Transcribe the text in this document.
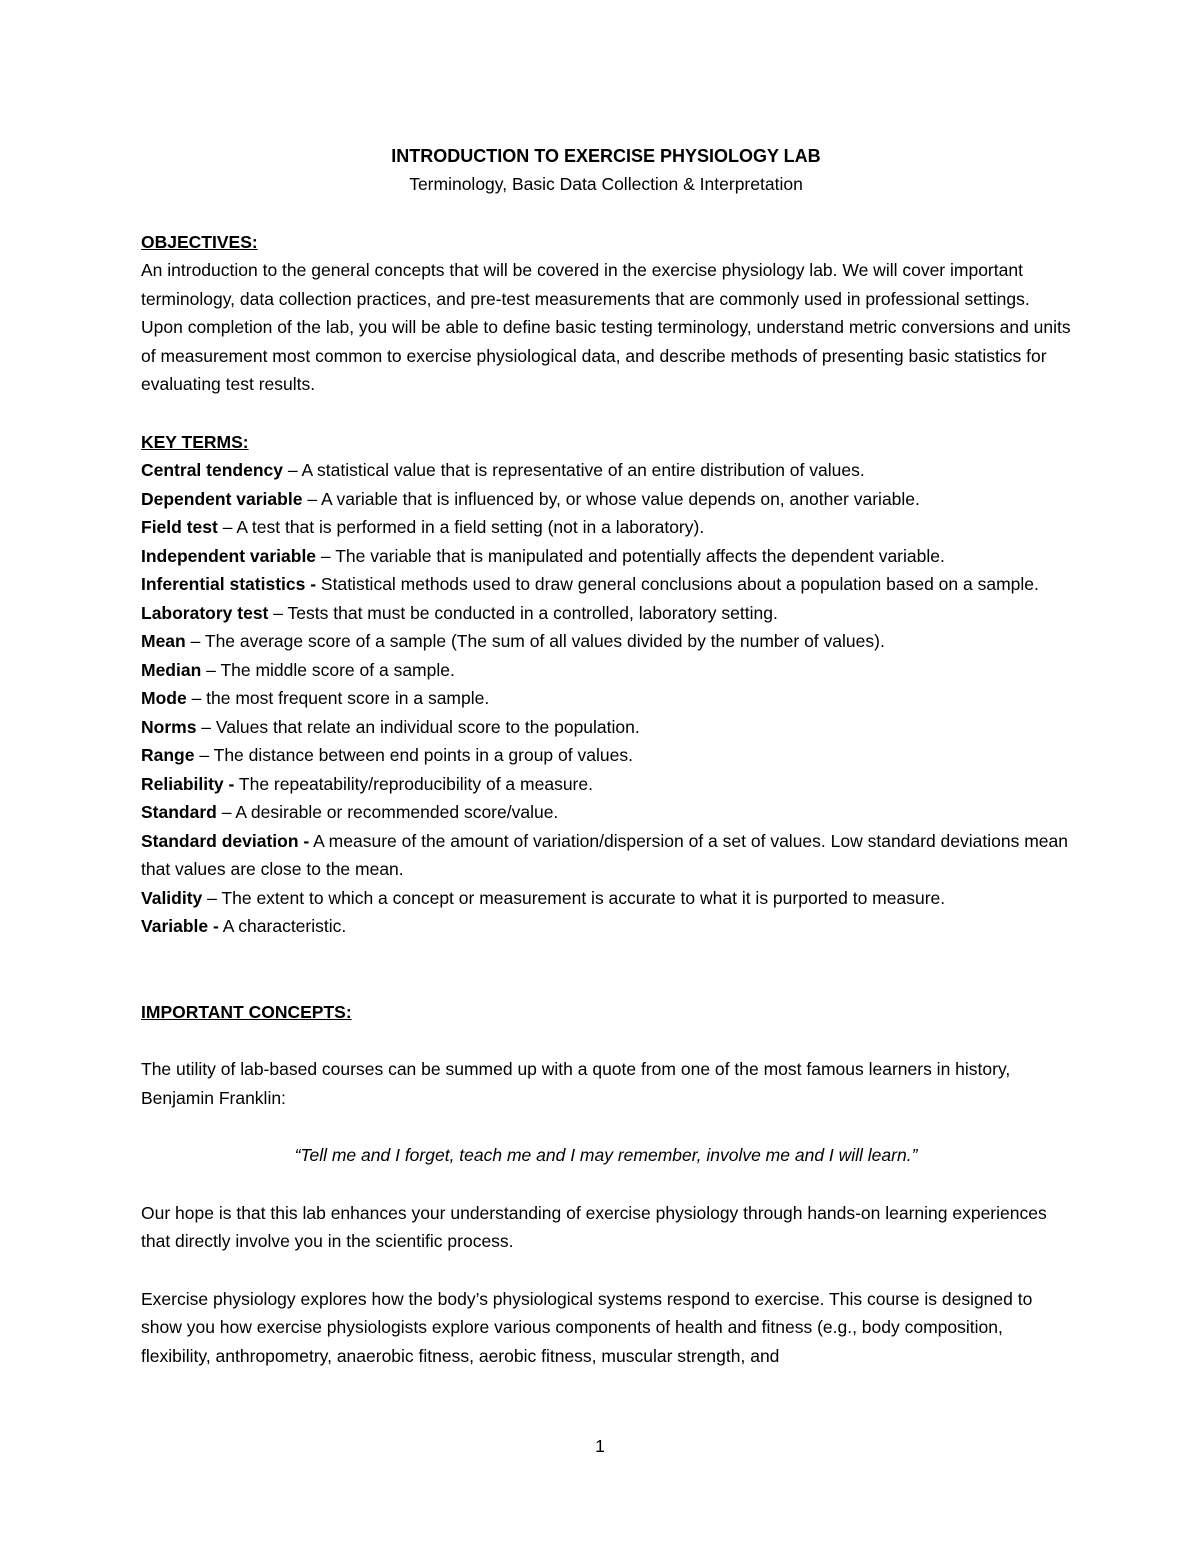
INTRODUCTION TO EXERCISE PHYSIOLOGY LAB

Terminology, Basic Data Collection & Interpretation

OBJECTIVES:

An introduction to the general concepts that will be covered in the exercise physiology lab. We will cover important terminology, data collection practices, and pre-test measurements that are commonly used in professional settings. Upon completion of the lab, you will be able to define basic testing terminology, understand metric conversions and units of measurement most common to exercise physiological data, and describe methods of presenting basic statistics for evaluating test results.

KEY TERMS:

Central tendency – A statistical value that is representative of an entire distribution of values.

Dependent variable – A variable that is influenced by, or whose value depends on, another variable.

Field test – A test that is performed in a field setting (not in a laboratory).

Independent variable – The variable that is manipulated and potentially affects the dependent variable.

Inferential statistics - Statistical methods used to draw general conclusions about a population based on a sample.

Laboratory test – Tests that must be conducted in a controlled, laboratory setting.

Mean – The average score of a sample (The sum of all values divided by the number of values).

Median – The middle score of a sample.

Mode – the most frequent score in a sample.

Norms – Values that relate an individual score to the population.

Range – The distance between end points in a group of values.

Reliability - The repeatability/reproducibility of a measure.

Standard – A desirable or recommended score/value.

Standard deviation - A measure of the amount of variation/dispersion of a set of values. Low standard deviations mean that values are close to the mean.

Validity – The extent to which a concept or measurement is accurate to what it is purported to measure.

Variable - A characteristic.

IMPORTANT CONCEPTS:

The utility of lab-based courses can be summed up with a quote from one of the most famous learners in history, Benjamin Franklin:

“Tell me and I forget, teach me and I may remember, involve me and I will learn.”

Our hope is that this lab enhances your understanding of exercise physiology through hands-on learning experiences that directly involve you in the scientific process.

Exercise physiology explores how the body’s physiological systems respond to exercise. This course is designed to show you how exercise physiologists explore various components of health and fitness (e.g., body composition, flexibility, anthropometry, anaerobic fitness, aerobic fitness, muscular strength, and

1
